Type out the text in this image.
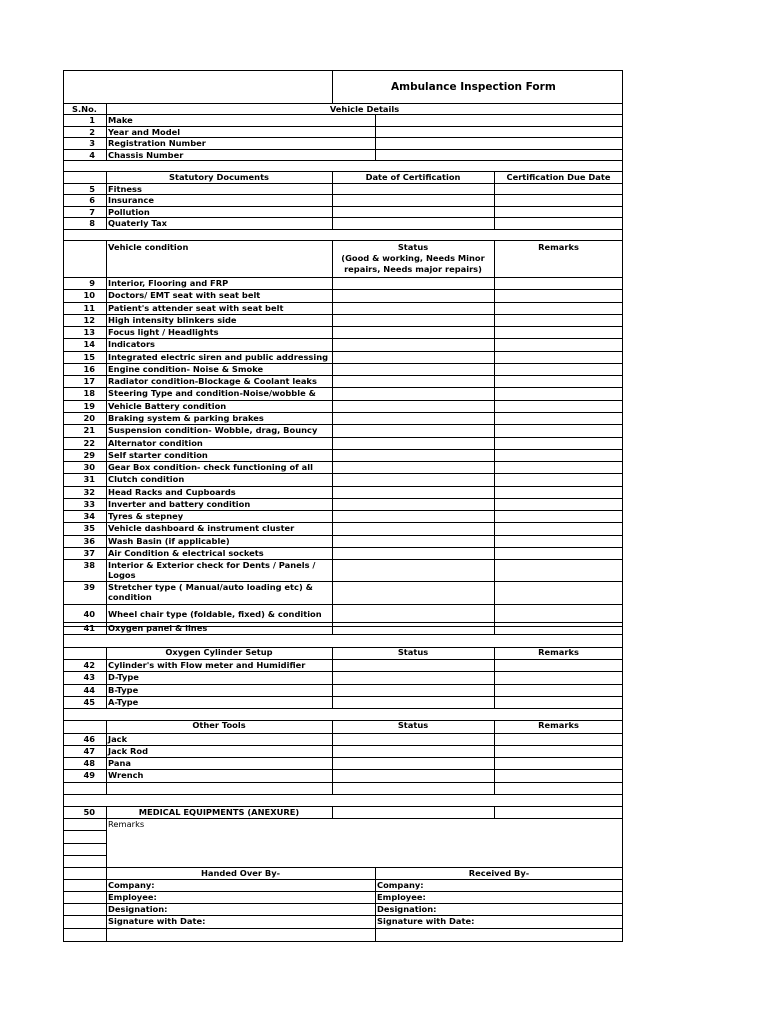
Ambulance Inspection Form
S.No.	Vehicle Details
1 Make
2 Year and Model
3 Registration Number
4 Chassis Number
Statutory Documents	Date of Certification	Certification Due Date
5 Fitness
6 Insurance
7 Pollution
8 Quaterly Tax
Vehicle condition	Status
(Good & working, Needs Minor
repairs, Needs major repairs)
Remarks
9 Interior, Flooring and FRP
10 Doctors/ EMT seat with seat belt
11 Patient's attender seat with seat belt
12 High intensity blinkers side
13 Focus light / Headlights
14 Indicators
15 Integrated electric siren and public addressing
16 Engine condition- Noise & Smoke
17 Radiator condition-Blockage & Coolant leaks
18 Steering Type and condition-Noise/wobble &
19 Vehicle Battery condition
20 Braking system & parking brakes
21 Suspension condition- Wobble, drag, Bouncy
22 Alternator condition
29 Self starter condition
30 Gear Box condition- check functioning of all
31 Clutch condition
32 Head Racks and Cupboards
33 Inverter and battery condition
34 Tyres & stepney
35 Vehicle dashboard & instrument cluster
36 Wash Basin (if applicable)
37 Air Condition & electrical sockets
38 Interior & Exterior check for Dents / Panels / Logos
39 Stretcher type ( Manual/auto loading etc) & condition
40 Wheel chair type (foldable, fixed) & condition
41 Oxygen panel & lines
Oxygen Cylinder Setup	Status	Remarks
42 Cylinder's with Flow meter and Humidifier
43 D-Type
44 B-Type
45 A-Type
Other Tools	Status	Remarks
46 Jack
47 Jack Rod
48 Pana
49 Wrench
50	MEDICAL EQUIPMENTS (ANEXURE)
Remarks
Handed Over By-	Received By-
Company:	Company:
Employee:	Employee:
Designation:	Designation:
Signature with Date:	Signature with Date:
